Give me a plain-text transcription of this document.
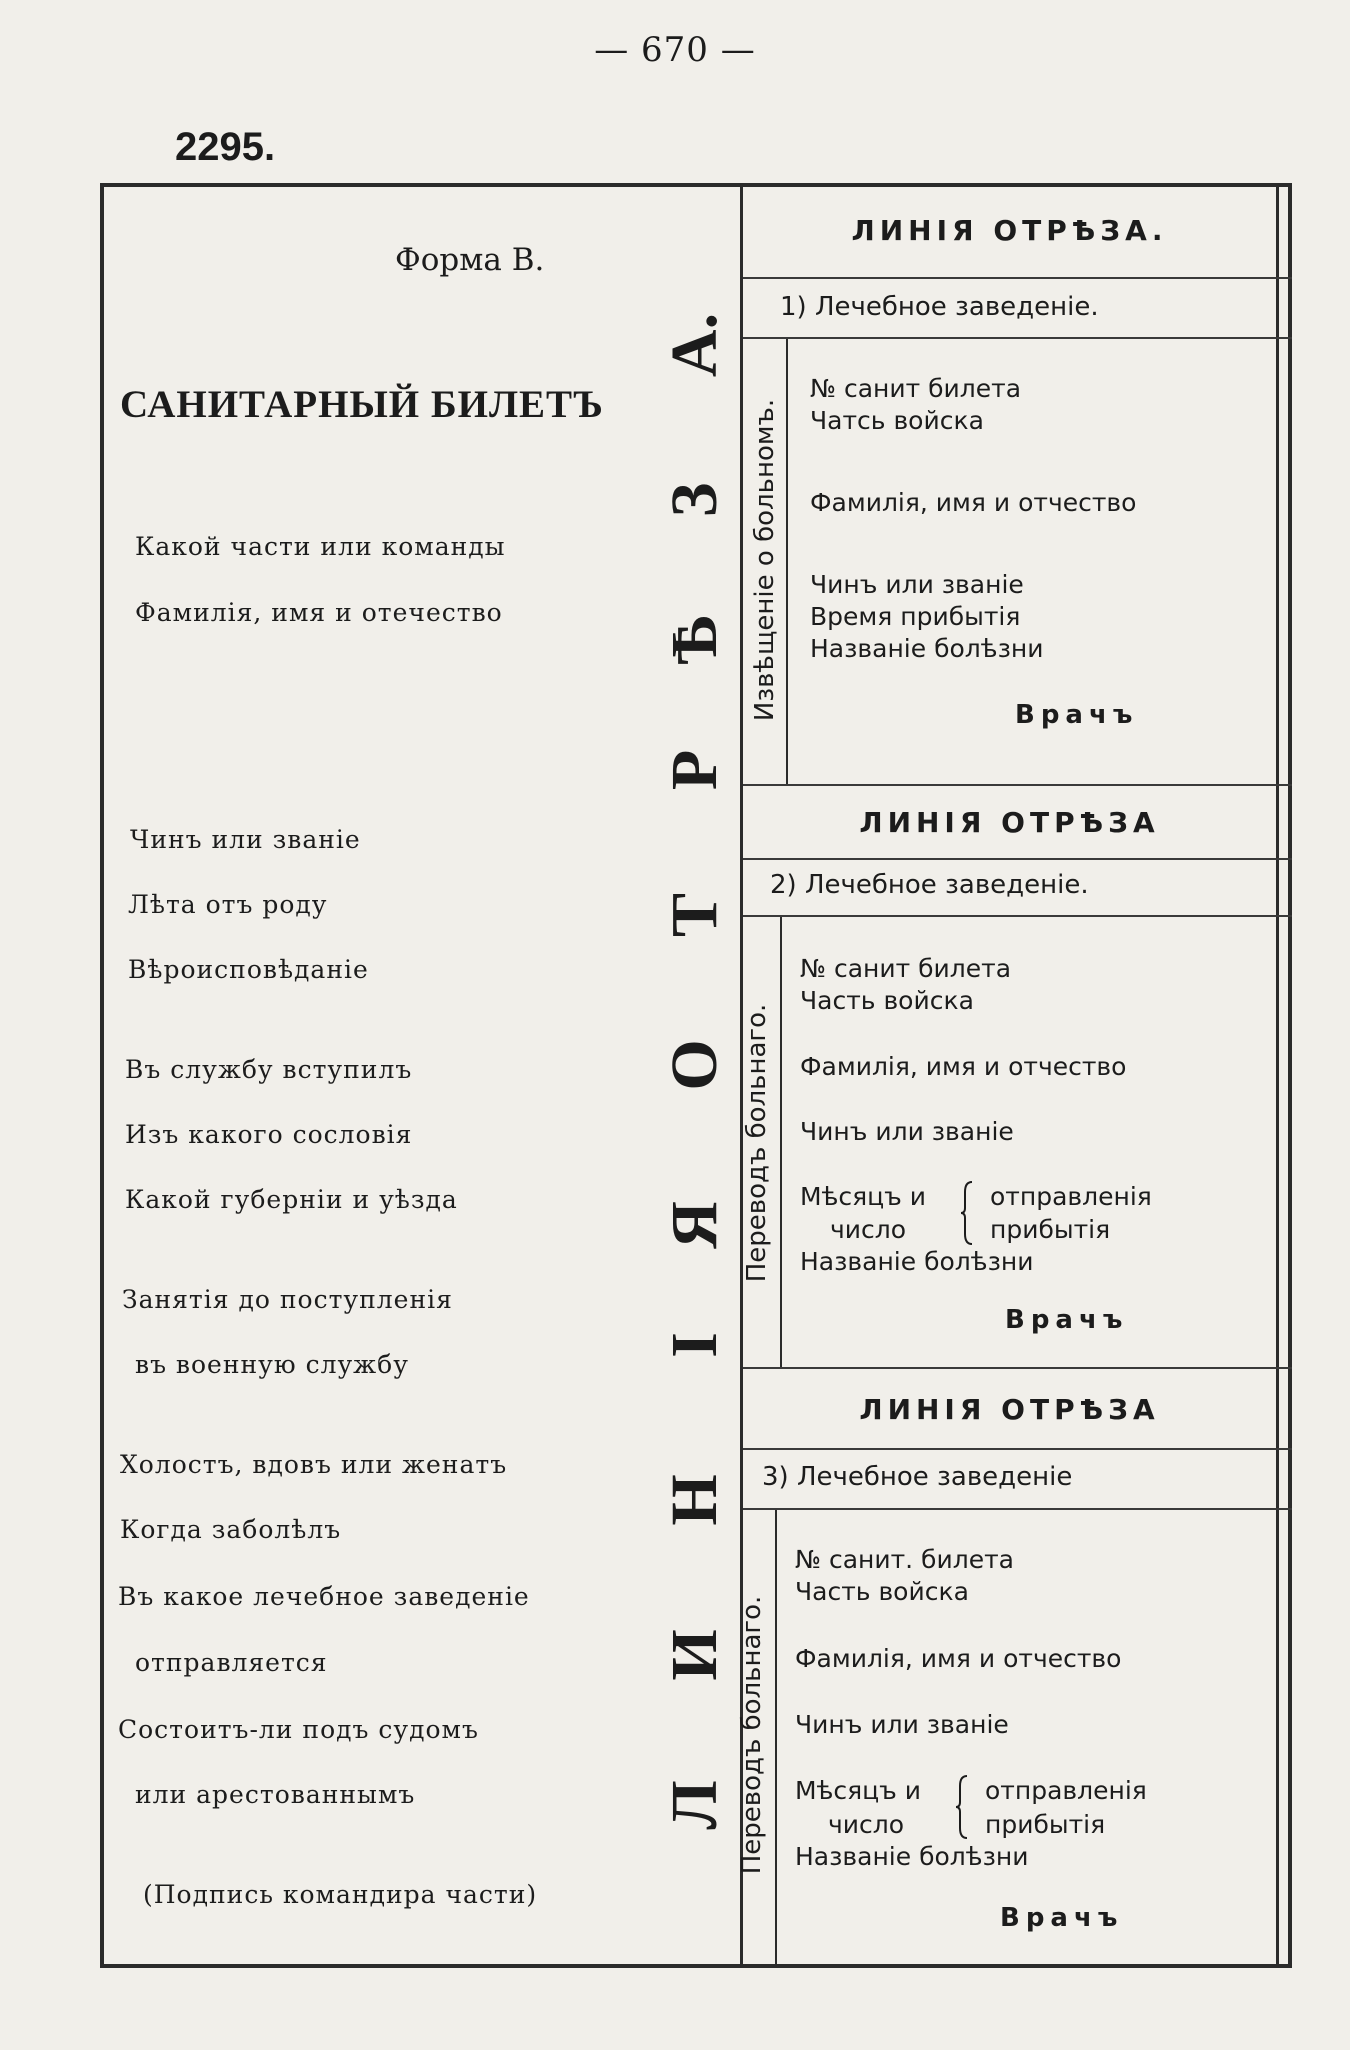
— 670 —
2295.
Форма В.
САНИТАРНЫЙ БИЛЕТЪ
Какой части или команды
Фамилія, имя и отечество
Чинъ или званіе
Лѣта отъ роду
Вѣроисповѣданіе
Въ службу вступилъ
Изъ какого сословія
Какой губерніи и уѣзда
Занятія до поступленія
въ военную службу
Холостъ, вдовъ или женатъ
Когда заболѣлъ
Въ какое лечебное заведеніе
отправляется
Состоитъ-ли подъ судомъ
или арестованнымъ
(Подпись командира части)
Л
И
Н
І
Я
О
Т
Р
Ѣ
З
А.
ЛИНІЯ ОТРѢЗА.
1) Лечебное заведеніе.
Извѣщеніе о больномъ.
№ санит билета
Чатсь войска
Фамилія, имя и отчество
Чинъ или званіе
Время прибытія
Названіе болѣзни
Врачъ
ЛИНІЯ ОТРѢЗА
2) Лечебное заведеніе.
Переводъ больнаго.
№ санит билета
Часть войска
Фамилія, имя и отчество
Чинъ или званіе
Мѣсяцъ и
число
отправленія
прибытія
Названіе болѣзни
Врачъ
ЛИНІЯ ОТРѢЗА
3) Лечебное заведеніе
Переводъ больнаго.
№ санит. билета
Часть войска
Фамилія, имя и отчество
Чинъ или званіе
Мѣсяцъ и
число
отправленія
прибытія
Названіе болѣзни
Врачъ
